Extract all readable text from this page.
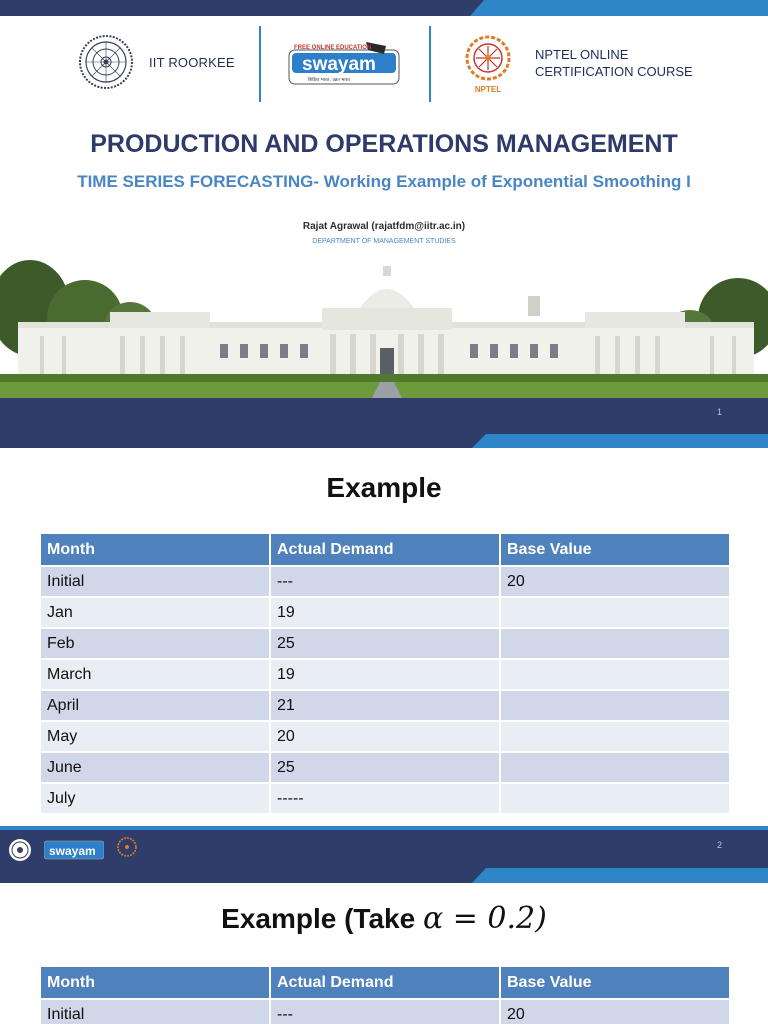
IIT ROORKEE
FREE ONLINE EDUCATION
swayam
शिक्षित भारत, उन्नत भारत
NPTEL
NPTEL ONLINE
CERTIFICATION COURSE
PRODUCTION AND OPERATIONS MANAGEMENT
TIME SERIES FORECASTING- Working Example of Exponential Smoothing I
Rajat Agrawal (rajatfdm@iitr.ac.in)
DEPARTMENT OF MANAGEMENT STUDIES
1
Example
Month	Actual Demand	Base Value
Initial	---	20
Jan	19	
Feb	25	
March	19	
April	21	
May	20	
June	25	
July	-----	
swayam	2
Example (Take α = 0.2)
Month	Actual Demand	Base Value
Initial	---	20
